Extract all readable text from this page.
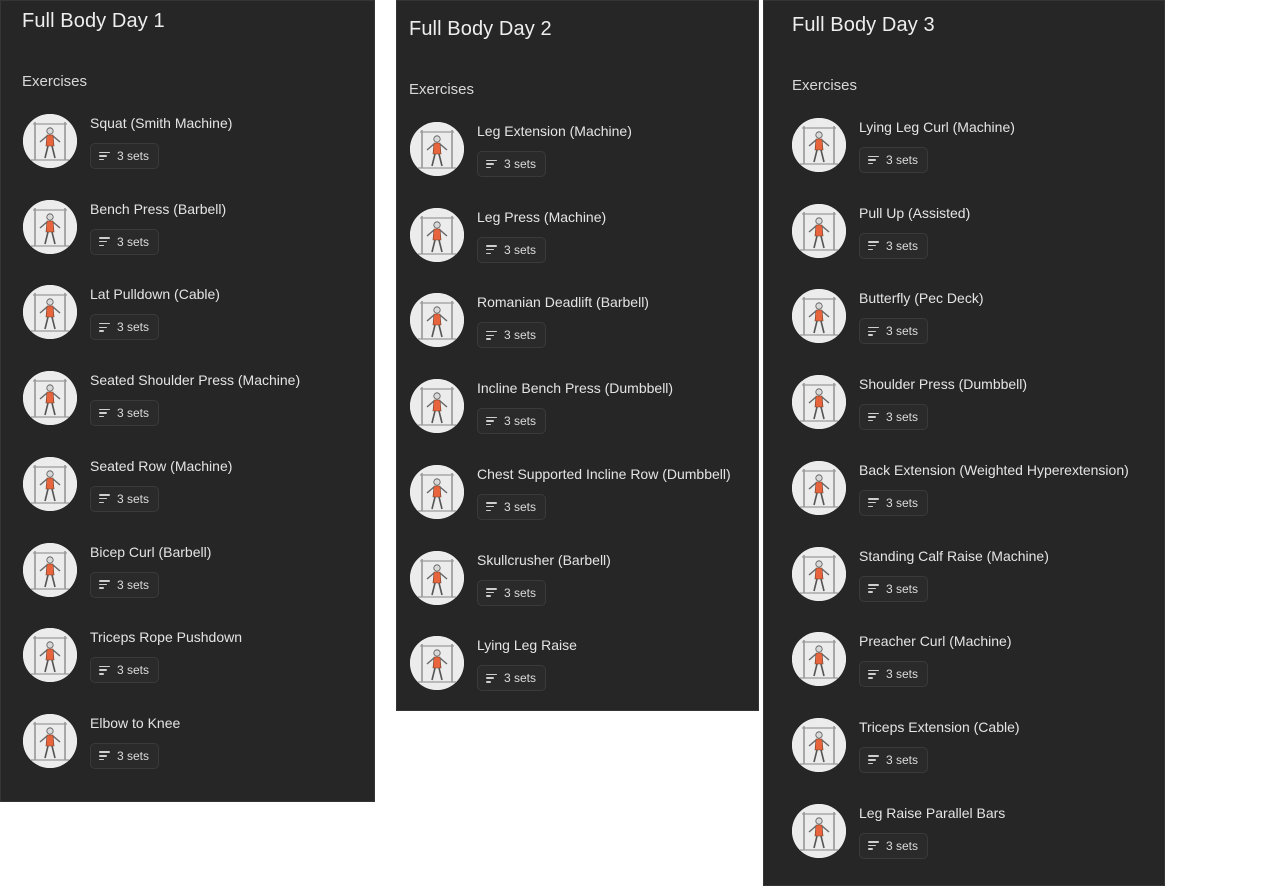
Full Body Day 1
Exercises
Squat (Smith Machine)
3 sets
Bench Press (Barbell)
3 sets
Lat Pulldown (Cable)
3 sets
Seated Shoulder Press (Machine)
3 sets
Seated Row (Machine)
3 sets
Bicep Curl (Barbell)
3 sets
Triceps Rope Pushdown
3 sets
Elbow to Knee
3 sets
Full Body Day 2
Exercises
Leg Extension (Machine)
3 sets
Leg Press (Machine)
3 sets
Romanian Deadlift (Barbell)
3 sets
Incline Bench Press (Dumbbell)
3 sets
Chest Supported Incline Row (Dumbbell)
3 sets
Skullcrusher (Barbell)
3 sets
Lying Leg Raise
3 sets
Full Body Day 3
Exercises
Lying Leg Curl (Machine)
3 sets
Pull Up (Assisted)
3 sets
Butterfly (Pec Deck)
3 sets
Shoulder Press (Dumbbell)
3 sets
Back Extension (Weighted Hyperextension)
3 sets
Standing Calf Raise (Machine)
3 sets
Preacher Curl (Machine)
3 sets
Triceps Extension (Cable)
3 sets
Leg Raise Parallel Bars
3 sets
